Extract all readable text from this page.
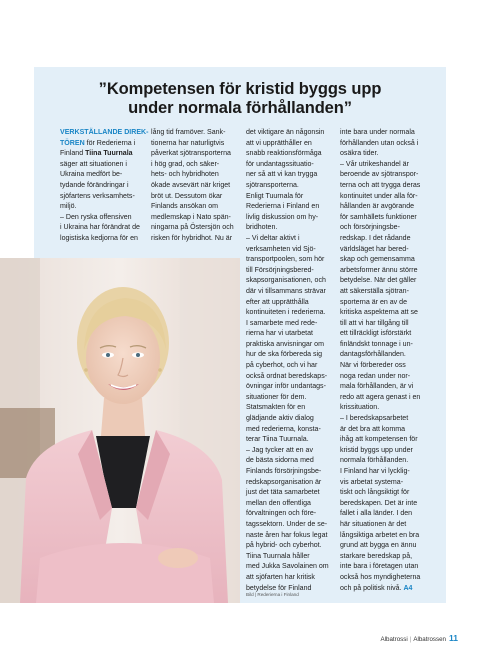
”Kompetensen för kristid byggs upp
under normala förhållanden”
VERKSTÄLLANDE DIREK-
TÖREN för Rederierna i
Finland Tiina Tuurnala
säger att situationen i
Ukraina medfört be-
tydande förändringar i
sjöfartens verksamhets-
miljö.
– Den ryska offensiven
i Ukraina har förändrat de
logistiska kedjorna för en
lång tid framöver. Sank-
tionerna har naturligtvis
påverkat sjötransporterna
i hög grad, och säker-
hets- och hybridhoten
ökade avsevärt när kriget
bröt ut. Dessutom ökar
Finlands ansökan om
medlemskap i Nato spän-
ningarna på Östersjön och
risken för hybridhot. Nu är
det viktigare än någonsin
att vi upprätthåller en
snabb reaktionsförmåga
för undantagssituatio-
ner så att vi kan trygga
sjötransporterna.
Enligt Tuurnala för
Rederierna i Finland en
livlig diskussion om hy-
bridhoten.
– Vi deltar aktivt i
verksamheten vid Sjö-
transportpoolen, som hör
till Försörjningsbered-
skapsorganisationen, och
där vi tillsammans strävar
efter att upprätthålla
kontinuiteten i rederierna.
I samarbete med rede-
rierna har vi utarbetat
praktiska anvisningar om
hur de ska förbereda sig
på cyberhot, och vi har
också ordnat beredskaps-
övningar inför undantags-
situationer för dem.
Statsmakten för en
glädjande aktiv dialog
med rederierna, konsta-
terar Tiina Tuurnala.
– Jag tycker att en av
de bästa sidorna med
Finlands försörjningsbe-
redskapsorganisation är
just det täta samarbetet
mellan den offentliga
förvaltningen och före-
tagssektorn. Under de se-
naste åren har fokus legat
på hybrid- och cyberhot.
Tiina Tuurnala håller
med Jukka Savolainen om
att sjöfarten har kritisk
betydelse för Finland
inte bara under normala
förhållanden utan också i
osäkra tider.
– Vår utrikeshandel är
beroende av sjötranspor-
terna och att trygga deras
kontinuitet under alla för-
hållanden är avgörande
för samhällets funktioner
och försörjningsbe-
redskap. I det rådande
världsläget har bered-
skap och gemensamma
arbetsformer ännu större
betydelse. När det gäller
att säkerställa sjötran-
sporterna är en av de
kritiska aspekterna att se
till att vi har tillgång till
ett tillräckligt isförstärkt
finländskt tonnage i un-
dantagsförhållanden.
När vi förbereder oss
noga redan under nor-
mala förhållanden, är vi
redo att agera genast i en
krissituation.
– I beredskapsarbetet
är det bra att komma
ihåg att kompetensen för
kristid byggs upp under
normala förhållanden.
I Finland har vi lycklig-
vis arbetat systema-
tiskt och långsiktigt för
beredskapen. Det är inte
fallet i alla länder. I den
här situationen är det
långsiktiga arbetet en bra
grund att bygga en ännu
starkare beredskap på,
inte bara i företagen utan
också hos myndigheterna
och på politisk nivå. A4
Bild | Rederierna i Finland
Albatrossi | Albatrossen 11
